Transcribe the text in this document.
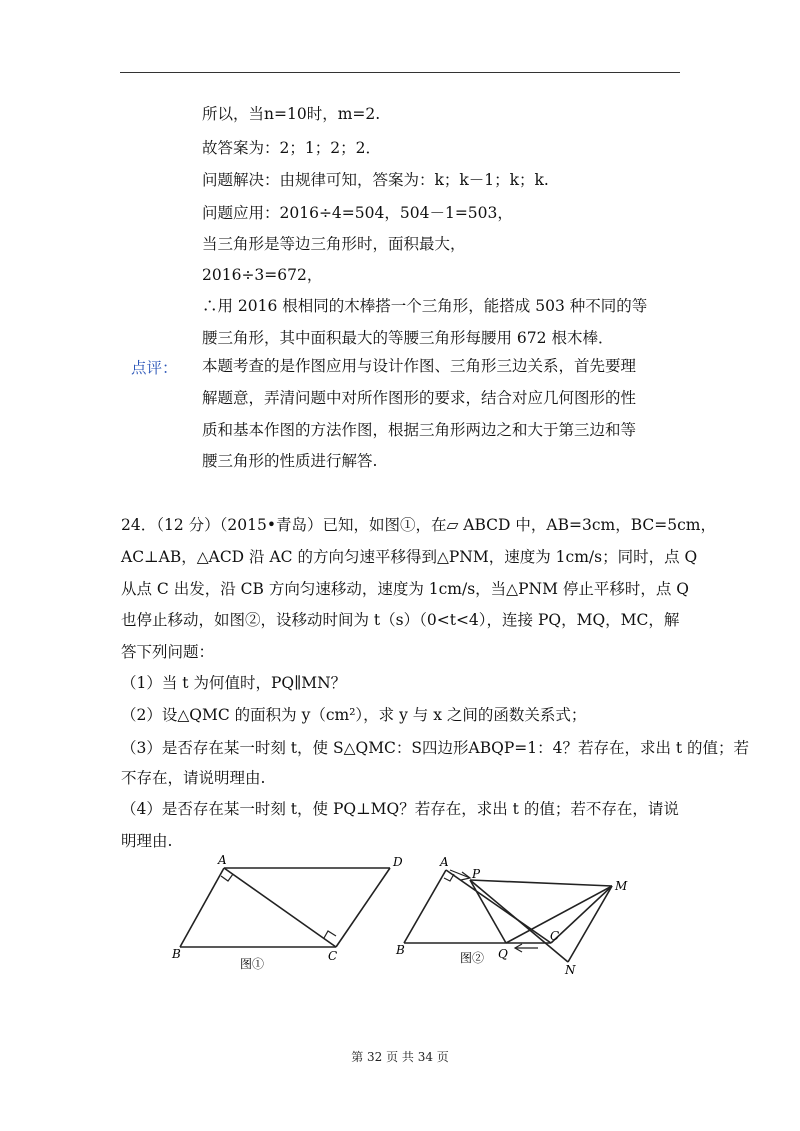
所以，当n=10时，m=2.
故答案为：2；1；2；2．
问题解决：由规律可知，答案为：k；k－1；k；k.
问题应用：2016÷4=504，504－1=503，
当三角形是等边三角形时，面积最大，
2016÷3=672，
∴用 2016 根相同的木棒搭一个三角形，能搭成 503 种不同的等
腰三角形，其中面积最大的等腰三角形每腰用 672 根木棒．
点评： 本题考查的是作图应用与设计作图、三角形三边关系，首先要理
解题意，弄清问题中对所作图形的要求，结合对应几何图形的性
质和基本作图的方法作图，根据三角形两边之和大于第三边和等
腰三角形的性质进行解答.
24．（12 分）（2015•青岛）已知，如图①，在▱ ABCD 中，AB=3cm，BC=5cm，
AC⊥AB，△ACD 沿 AC 的方向匀速平移得到△PNM，速度为 1cm/s；同时，点 Q
从点 C 出发，沿 CB 方向匀速移动，速度为 1cm/s，当△PNM 停止平移时，点 Q
也停止移动，如图②，设移动时间为 t（s）（0<t<4），连接 PQ，MQ，MC，解
答下列问题：
（1）当 t 为何值时，PQ∥MN？
（2）设△QMC 的面积为 y（cm²），求 y 与 x 之间的函数关系式；
（3）是否存在某一时刻 t，使 S△QMC：S四边形ABQP=1：4？若存在，求出 t 的值；若
不存在，请说明理由.
（4）是否存在某一时刻 t，使 PQ⊥MQ？若存在，求出 t 的值；若不存在，请说
明理由.
A	D
B	C
图①
A
P
M
B	Q
C
N
图②
第 32 页 共 34 页
